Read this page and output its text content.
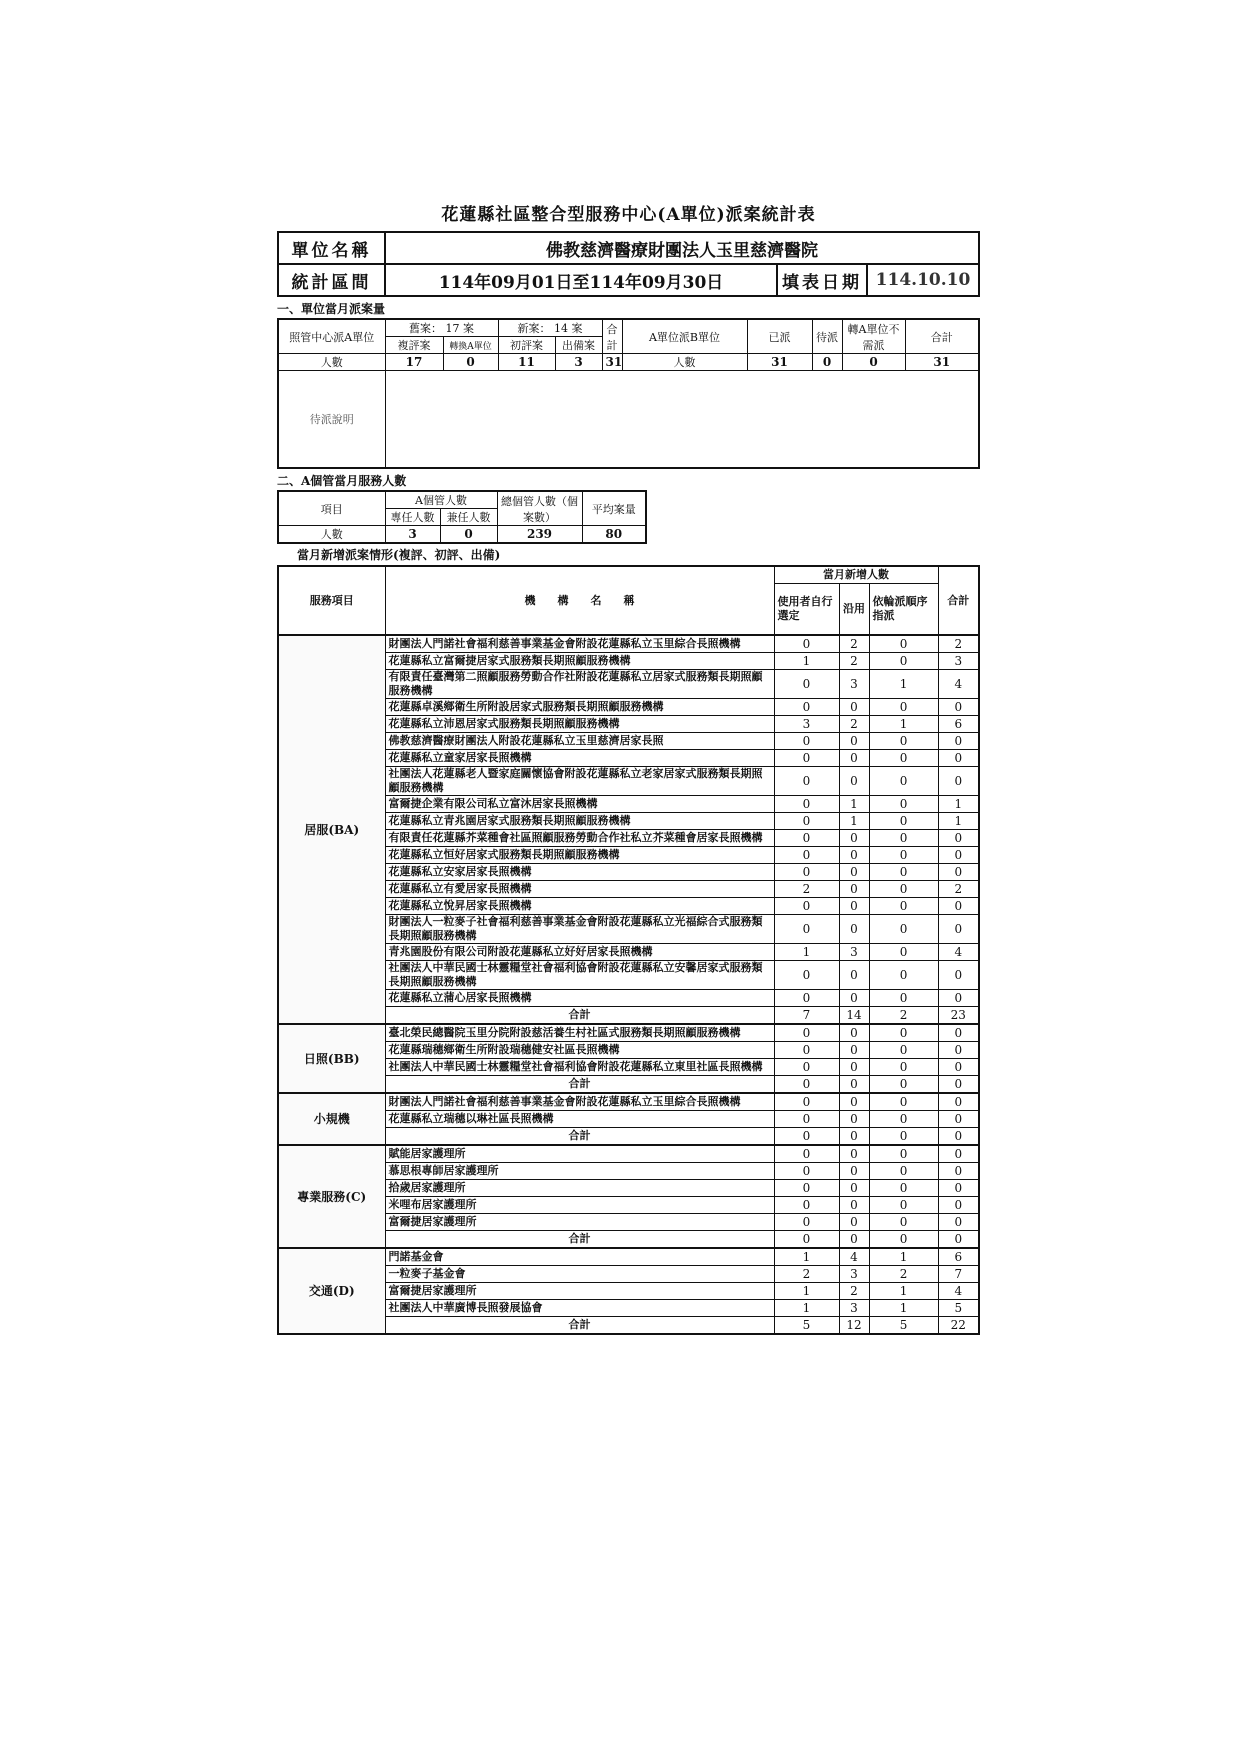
花蓮縣社區整合型服務中心(A單位)派案統計表
單位名稱	佛教慈濟醫療財團法人玉里慈濟醫院		
統計區間	114年09月01日至114年09月30日	填表日期	114.10.10
一、單位當月派案量
照管中心派A單位	舊案： 17 案		新案： 14 案		合計	A單位派B單位	已派	待派	轉A單位不需派	合計
	複評案	轉換A單位	初評案	出備案						
人數	17	0	11	3	31	人數	31	0	0	31
待派說明										
二、A個管當月服務人數
項目	A個管人數		總個管人數（個案數）	平均案量
	專任人數	兼任人數		
人數	3	0	239	80
當月新增派案情形(複評、初評、出備)
服務項目	機　　構　　名　　稱	當月新增人數			合計
		使用者自行選定	沿用	依輪派順序指派	
居服(BA)	財團法人門諾社會福利慈善事業基金會附設花蓮縣私立玉里綜合長照機構	0	2	0	2
	花蓮縣私立富爾捷居家式服務類長期照顧服務機構	1	2	0	3
	有限責任臺灣第二照顧服務勞動合作社附設花蓮縣私立居家式服務類長期照顧服務機構	0	3	1	4
	花蓮縣卓溪鄉衛生所附設居家式服務類長期照顧服務機構	0	0	0	0
	花蓮縣私立沛恩居家式服務類長期照顧服務機構	3	2	1	6
	佛教慈濟醫療財團法人附設花蓮縣私立玉里慈濟居家長照	0	0	0	0
	花蓮縣私立童家居家長照機構	0	0	0	0
	社團法人花蓮縣老人暨家庭關懷協會附設花蓮縣私立老家居家式服務類長期照顧服務機構	0	0	0	0
	富爾捷企業有限公司私立富沐居家長照機構	0	1	0	1
	花蓮縣私立青兆園居家式服務類長期照顧服務機構	0	1	0	1
	有限責任花蓮縣芥菜種會社區照顧服務勞動合作社私立芥菜種會居家長照機構	0	0	0	0
	花蓮縣私立恒好居家式服務類長期照顧服務機構	0	0	0	0
	花蓮縣私立安家居家長照機構	0	0	0	0
	花蓮縣私立有愛居家長照機構	2	0	0	2
	花蓮縣私立悅昇居家長照機構	0	0	0	0
	財團法人一粒麥子社會福利慈善事業基金會附設花蓮縣私立光福綜合式服務類長期照顧服務機構	0	0	0	0
	青兆園股份有限公司附設花蓮縣私立好好居家長照機構	1	3	0	4
	社團法人中華民國士林靈糧堂社會福利協會附設花蓮縣私立安馨居家式服務類長期照顧服務機構	0	0	0	0
	花蓮縣私立蒲心居家長照機構	0	0	0	0
	合計	7	14	2	23
日照(BB)	臺北榮民總醫院玉里分院附設慈活養生村社區式服務類長期照顧服務機構	0	0	0	0
	花蓮縣瑞穗鄉衛生所附設瑞穗健安社區長照機構	0	0	0	0
	社團法人中華民國士林靈糧堂社會福利協會附設花蓮縣私立東里社區長照機構	0	0	0	0
	合計	0	0	0	0
小規機	財團法人門諾社會福利慈善事業基金會附設花蓮縣私立玉里綜合長照機構	0	0	0	0
	花蓮縣私立瑞穗以琳社區長照機構	0	0	0	0
	合計	0	0	0	0
專業服務(C)	賦能居家護理所	0	0	0	0
	慕思根專師居家護理所	0	0	0	0
	拾歲居家護理所	0	0	0	0
	米哩布居家護理所	0	0	0	0
	富爾捷居家護理所	0	0	0	0
	合計	0	0	0	0
交通(D)	門諾基金會	1	4	1	6
	一粒麥子基金會	2	3	2	7
	富爾捷居家護理所	1	2	1	4
	社團法人中華廣博長照發展協會	1	3	1	5
	合計	5	12	5	22
